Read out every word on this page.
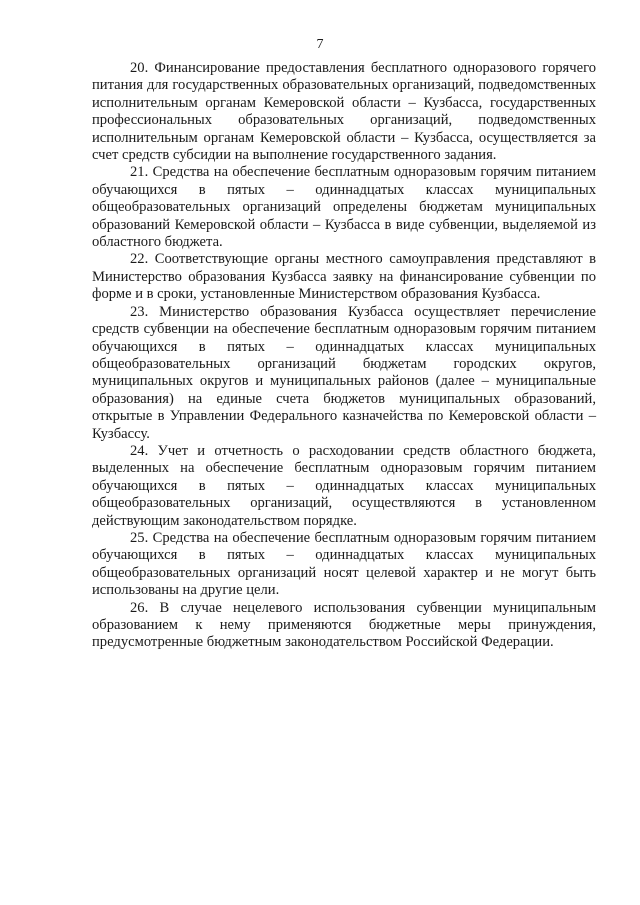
7

20. Финансирование предоставления бесплатного одноразового горячего питания для государственных образовательных организаций, подведомственных исполнительным органам Кемеровской области – Кузбасса, государственных профессиональных образовательных организаций, подведомственных исполнительным органам Кемеровской области – Кузбасса, осуществляется за счет средств субсидии на выполнение государственного задания.

21. Средства на обеспечение бесплатным одноразовым горячим питанием обучающихся в пятых – одиннадцатых классах муниципальных общеобразовательных организаций определены бюджетам муниципальных образований Кемеровской области – Кузбасса в виде субвенции, выделяемой из областного бюджета.

22. Соответствующие органы местного самоуправления представляют в Министерство образования Кузбасса заявку на финансирование субвенции по форме и в сроки, установленные Министерством образования Кузбасса.

23. Министерство образования Кузбасса осуществляет перечисление средств субвенции на обеспечение бесплатным одноразовым горячим питанием обучающихся в пятых – одиннадцатых классах муниципальных общеобразовательных организаций бюджетам городских округов, муниципальных округов и муниципальных районов (далее – муниципальные образования) на единые счета бюджетов муниципальных образований, открытые в Управлении Федерального казначейства по Кемеровской области – Кузбассу.

24. Учет и отчетность о расходовании средств областного бюджета, выделенных на обеспечение бесплатным одноразовым горячим питанием обучающихся в пятых – одиннадцатых классах муниципальных общеобразовательных организаций, осуществляются в установленном действующим законодательством порядке.

25. Средства на обеспечение бесплатным одноразовым горячим питанием обучающихся в пятых – одиннадцатых классах муниципальных общеобразовательных организаций носят целевой характер и не могут быть использованы на другие цели.

26. В случае нецелевого использования субвенции муниципальным образованием к нему применяются бюджетные меры принуждения, предусмотренные бюджетным законодательством Российской Федерации.
